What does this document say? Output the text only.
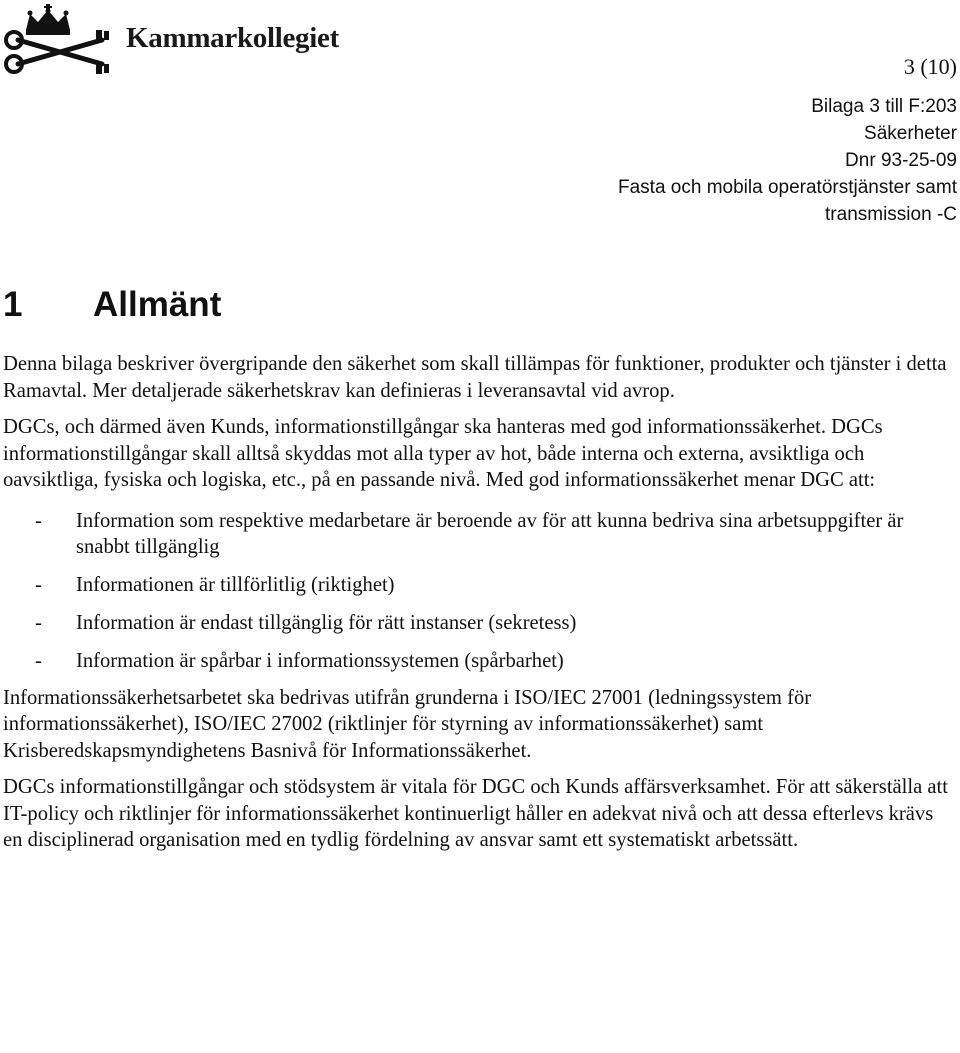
Kammarkollegiet
3 (10)
Bilaga 3 till F:203
Säkerheter
Dnr 93-25-09
Fasta och mobila operatörstjänster samt
transmission -C
1 Allmänt

Denna bilaga beskriver övergripande den säkerhet som skall tillämpas för funktioner, produkter och tjänster i detta Ramavtal. Mer detaljerade säkerhetskrav kan definieras i leveransavtal vid avrop.

DGCs, och därmed även Kunds, informationstillgångar ska hanteras med god informationssäkerhet. DGCs informationstillgångar skall alltså skyddas mot alla typer av hot, både interna och externa, avsiktliga och oavsiktliga, fysiska och logiska, etc., på en passande nivå. Med god informationssäkerhet menar DGC att:

-	Information som respektive medarbetare är beroende av för att kunna bedriva sina arbetsuppgifter är snabbt tillgänglig
-	Informationen är tillförlitlig (riktighet)
-	Information är endast tillgänglig för rätt instanser (sekretess)
-	Information är spårbar i informationssystemen (spårbarhet)

Informationssäkerhetsarbetet ska bedrivas utifrån grunderna i ISO/IEC 27001 (ledningssystem för informationssäkerhet), ISO/IEC 27002 (riktlinjer för styrning av informationssäkerhet) samt Krisberedskapsmyndighetens Basnivå för Informationssäkerhet.

DGCs informationstillgångar och stödsystem är vitala för DGC och Kunds affärsverksamhet. För att säkerställa att IT-policy och riktlinjer för informationssäkerhet kontinuerligt håller en adekvat nivå och att dessa efterlevs krävs en disciplinerad organisation med en tydlig fördelning av ansvar samt ett systematiskt arbetssätt.
